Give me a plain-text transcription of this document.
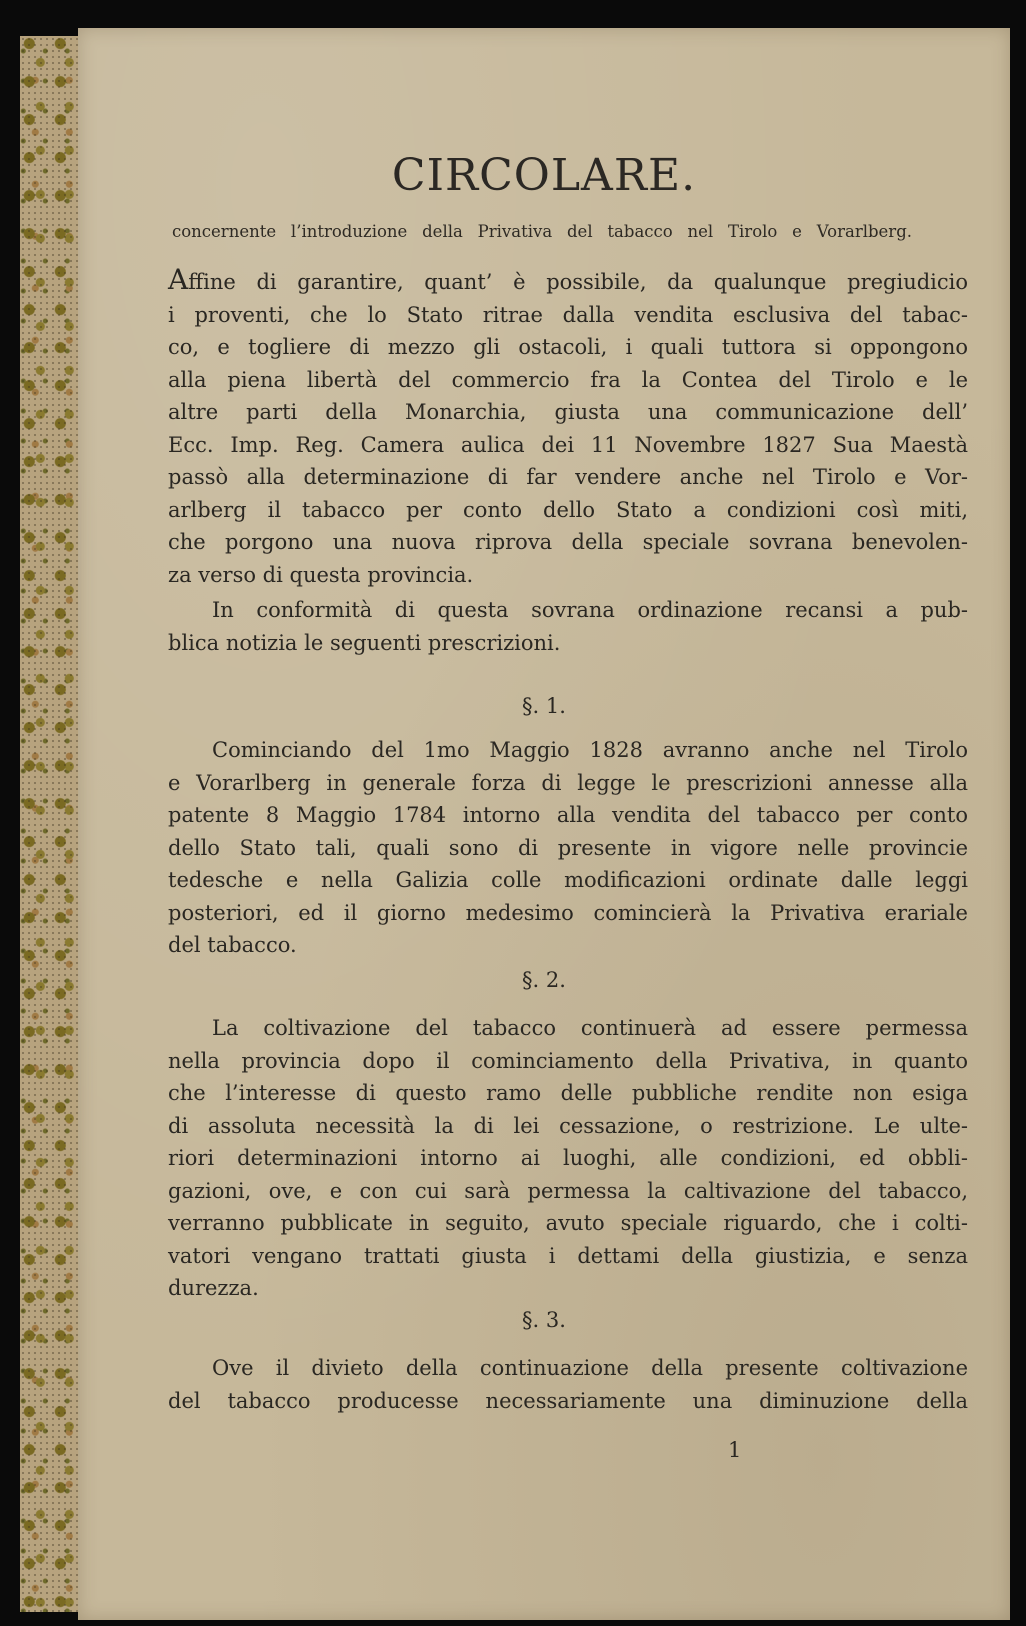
CIRCOLARE.

concernente l’introduzione della Privativa del tabacco nel Tirolo e Vorarlberg.

Affine di garantire, quant’ è possibile, da qualunque pregiudicio
i proventi, che lo Stato ritrae dalla vendita esclusiva del tabac-
co, e togliere di mezzo gli ostacoli, i quali tuttora si oppongono
alla piena libertà del commercio fra la Contea del Tirolo e le
altre parti della Monarchia, giusta una communicazione dell’
Ecc. Imp. Reg. Camera aulica dei 11 Novembre 1827 Sua Maestà
passò alla determinazione di far vendere anche nel Tirolo e Vor-
arlberg il tabacco per conto dello Stato a condizioni così miti,
che porgono una nuova riprova della speciale sovrana benevolen-
za verso di questa provincia.
In conformità di questa sovrana ordinazione recansi a pub-
blica notizia le seguenti prescrizioni.

§. 1.

Cominciando del 1mo Maggio 1828 avranno anche nel Tirolo
e Vorarlberg in generale forza di legge le prescrizioni annesse alla
patente 8 Maggio 1784 intorno alla vendita del tabacco per conto
dello Stato tali, quali sono di presente in vigore nelle provincie
tedesche e nella Galizia colle modificazioni ordinate dalle leggi
posteriori, ed il giorno medesimo comincierà la Privativa erariale
del tabacco.

§. 2.

La coltivazione del tabacco continuerà ad essere permessa
nella provincia dopo il cominciamento della Privativa, in quanto
che l’interesse di questo ramo delle pubbliche rendite non esiga
di assoluta necessità la di lei cessazione, o restrizione. Le ulte-
riori determinazioni intorno ai luoghi, alle condizioni, ed obbli-
gazioni, ove, e con cui sarà permessa la caltivazione del tabacco,
verranno pubblicate in seguito, avuto speciale riguardo, che i colti-
vatori vengano trattati giusta i dettami della giustizia, e senza
durezza.

§. 3.

Ove il divieto della continuazione della presente coltivazione
del tabacco producesse necessariamente una diminuzione della

1
